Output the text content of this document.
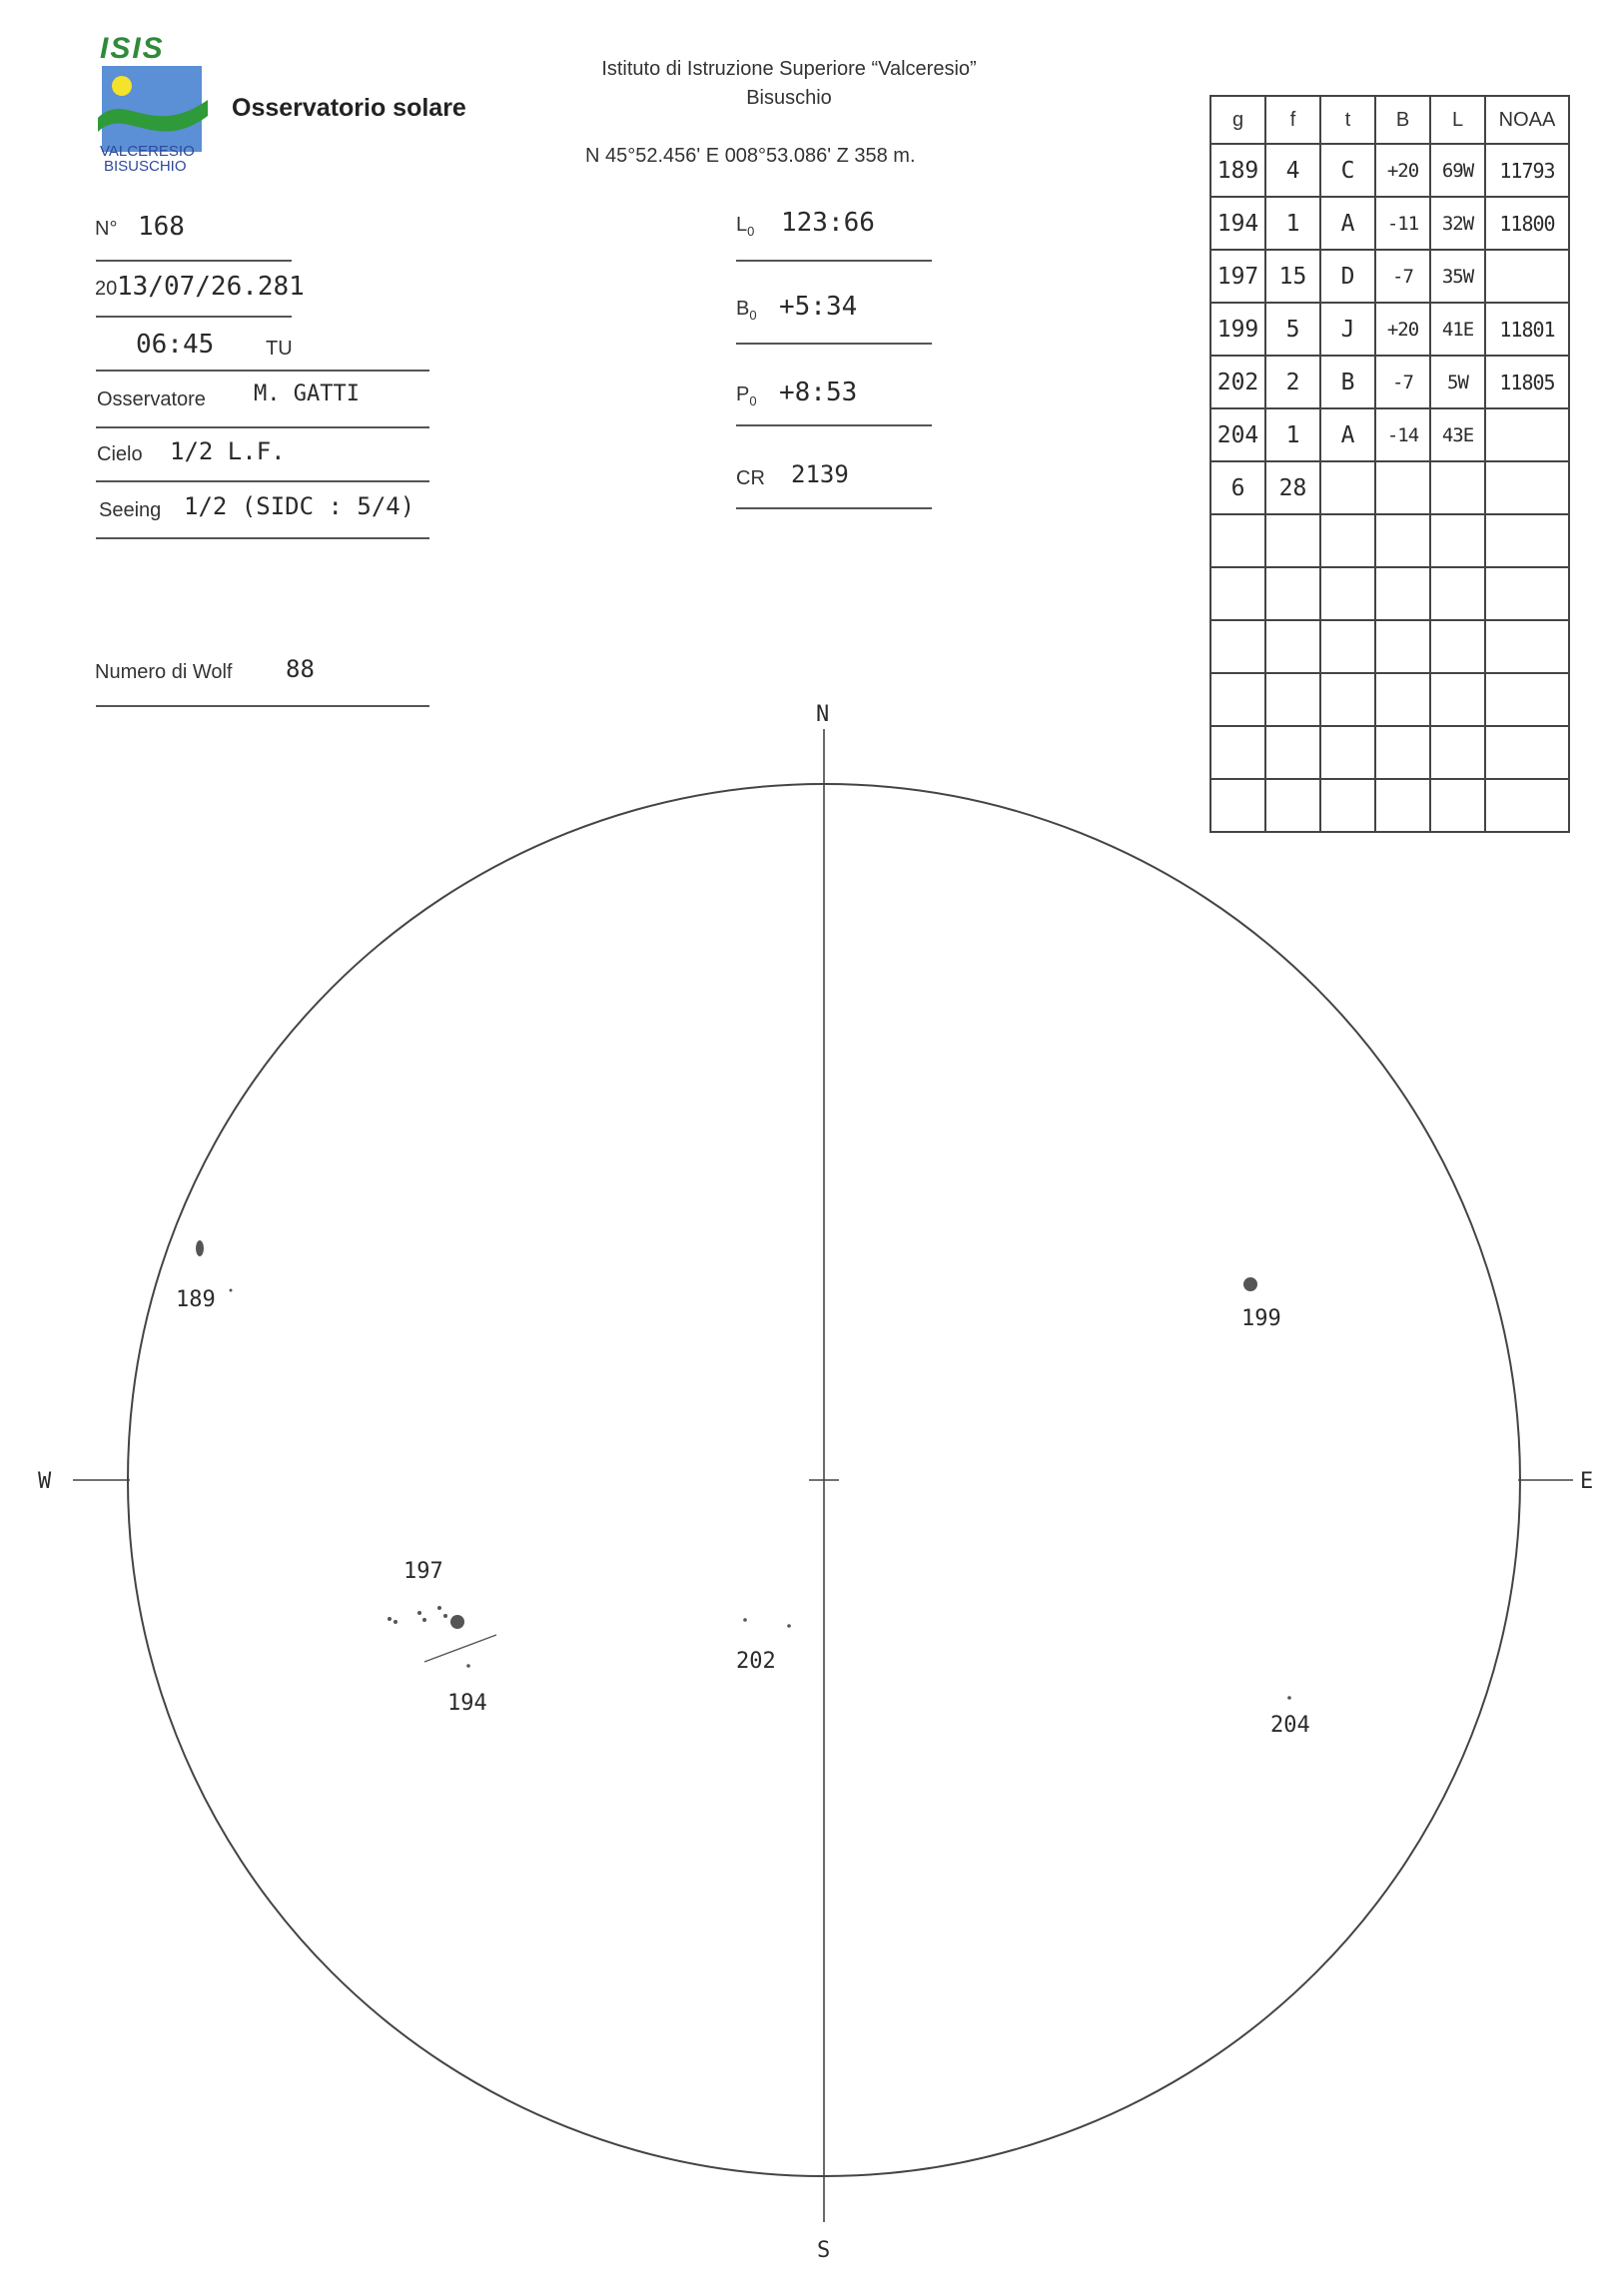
ISIS
VALCERESIO
BISUSCHIO
Osservatorio solare
Istituto di Istruzione Superiore “Valceresio”
Bisuschio
N 45°52.456' E 008°53.086' Z 358 m.
N° 168
20 13/07/26.281
06:45	TU
Osservatore M. GATTI
Cielo 1/2 L.F.
Seeing 1/2 (SIDC : 5/4)
Numero di Wolf 88
$L_0$ 123:66
$B_0$ +5:34
$P_0$ +8:53
CR 2139
g	f	t	B	L	NOAA
189	4	C	+20	69W	11793
194	1	A	-11	32W	11800
197	15	D	-7	35W	
199	5	J	+20	41E	11801
202	2	B	-7	5W	11805
204	1	A	-14	43E	
6	28				

N
S
W	E
189
199
197
194
202
204
